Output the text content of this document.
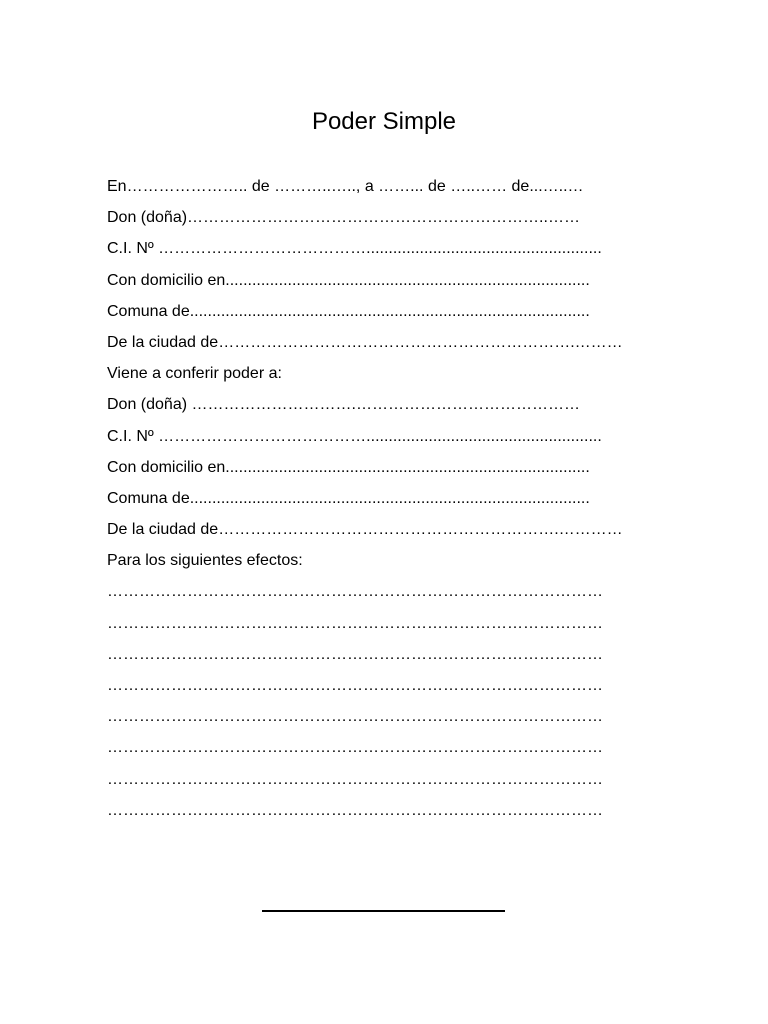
Poder Simple
En………………….. de ………..….., a ……... de …..…… de...…..…
Don (doña)…………………………………………………………..……
C.I. Nº ………………………………….....................................................
Con domicilio en..................................................................................
Comuna de..........................................................................................
De la ciudad de………………………………………………………….………
Viene a conferir poder a:
Don (doña) ………………………….……………………………………
C.I. Nº ………………………………….....................................................
Con domicilio en..................................................................................
Comuna de..........................................................................................
De la ciudad de……………………………………………………….…………
Para los siguientes efectos:
…………………………………………………………………………………
…………………………………………………………………………………
…………………………………………………………………………………
…………………………………………………………………………………
…………………………………………………………………………………
…………………………………………………………………………………
…………………………………………………………………………………
…………………………………………………………………………………
